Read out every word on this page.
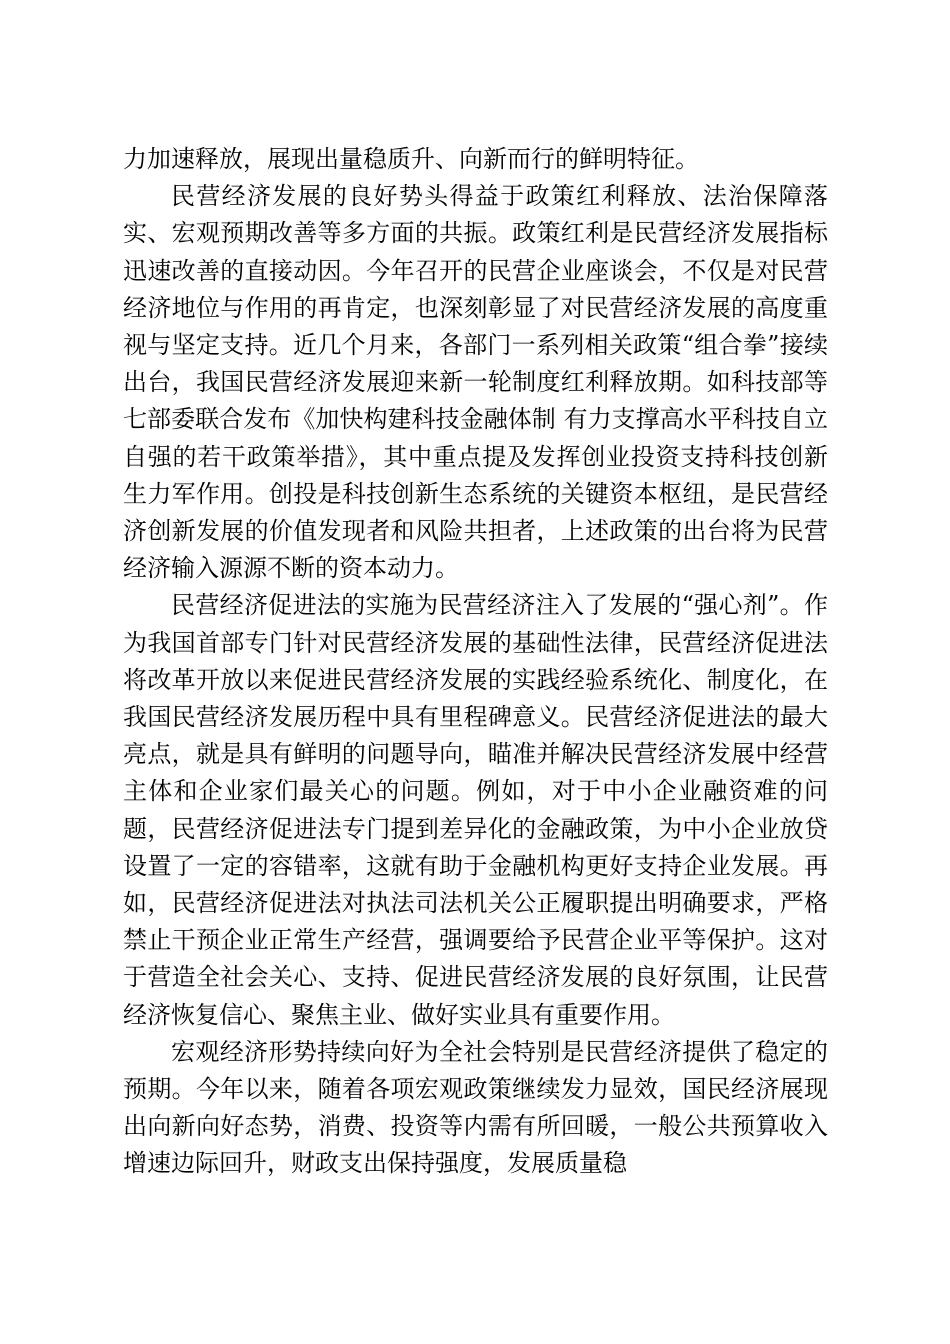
力加速释放，展现出量稳质升、向新而行的鲜明特征。

民营经济发展的良好势头得益于政策红利释放、法治保障落实、宏观预期改善等多方面的共振。政策红利是民营经济发展指标迅速改善的直接动因。今年召开的民营企业座谈会，不仅是对民营经济地位与作用的再肯定，也深刻彰显了对民营经济发展的高度重视与坚定支持。近几个月来，各部门一系列相关政策“组合拳”接续出台，我国民营经济发展迎来新一轮制度红利释放期。如科技部等七部委联合发布《加快构建科技金融体制 有力支撑高水平科技自立自强的若干政策举措》，其中重点提及发挥创业投资支持科技创新生力军作用。创投是科技创新生态系统的关键资本枢纽，是民营经济创新发展的价值发现者和风险共担者，上述政策的出台将为民营经济输入源源不断的资本动力。

民营经济促进法的实施为民营经济注入了发展的“强心剂”。作为我国首部专门针对民营经济发展的基础性法律，民营经济促进法将改革开放以来促进民营经济发展的实践经验系统化、制度化，在我国民营经济发展历程中具有里程碑意义。民营经济促进法的最大亮点，就是具有鲜明的问题导向，瞄准并解决民营经济发展中经营主体和企业家们最关心的问题。例如，对于中小企业融资难的问题，民营经济促进法专门提到差异化的金融政策，为中小企业放贷设置了一定的容错率，这就有助于金融机构更好支持企业发展。再如，民营经济促进法对执法司法机关公正履职提出明确要求，严格禁止干预企业正常生产经营，强调要给予民营企业平等保护。这对于营造全社会关心、支持、促进民营经济发展的良好氛围，让民营经济恢复信心、聚焦主业、做好实业具有重要作用。

宏观经济形势持续向好为全社会特别是民营经济提供了稳定的预期。今年以来，随着各项宏观政策继续发力显效，国民经济展现出向新向好态势，消费、投资等内需有所回暖，一般公共预算收入增速边际回升，财政支出保持强度，发展质量稳
